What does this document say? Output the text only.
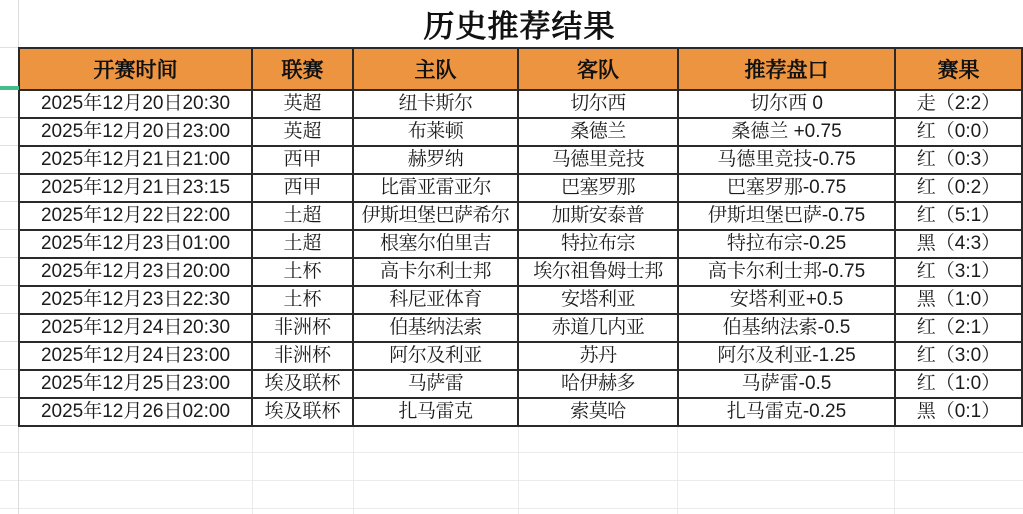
历史推荐结果
开赛时间	联赛	主队	客队	推荐盘口	赛果
2025年12月20日20:30	英超	纽卡斯尔	切尔西	切尔西 0	走（2:2）
2025年12月20日23:00	英超	布莱顿	桑德兰	桑德兰 +0.75	红（0:0）
2025年12月21日21:00	西甲	赫罗纳	马德里竞技	马德里竞技-0.75	红（0:3）
2025年12月21日23:15	西甲	比雷亚雷亚尔	巴塞罗那	巴塞罗那-0.75	红（0:2）
2025年12月22日22:00	土超	伊斯坦堡巴萨希尔	加斯安泰普	伊斯坦堡巴萨-0.75	红（5:1）
2025年12月23日01:00	土超	根塞尔伯里吉	特拉布宗	特拉布宗-0.25	黑（4:3）
2025年12月23日20:00	土杯	高卡尔利士邦	埃尔祖鲁姆士邦	高卡尔利士邦-0.75	红（3:1）
2025年12月23日22:30	土杯	科尼亚体育	安塔利亚	安塔利亚+0.5	黑（1:0）
2025年12月24日20:30	非洲杯	伯基纳法索	赤道几内亚	伯基纳法索-0.5	红（2:1）
2025年12月24日23:00	非洲杯	阿尔及利亚	苏丹	阿尔及利亚-1.25	红（3:0）
2025年12月25日23:00	埃及联杯	马萨雷	哈伊赫多	马萨雷-0.5	红（1:0）
2025年12月26日02:00	埃及联杯	扎马雷克	索莫哈	扎马雷克-0.25	黑（0:1）
